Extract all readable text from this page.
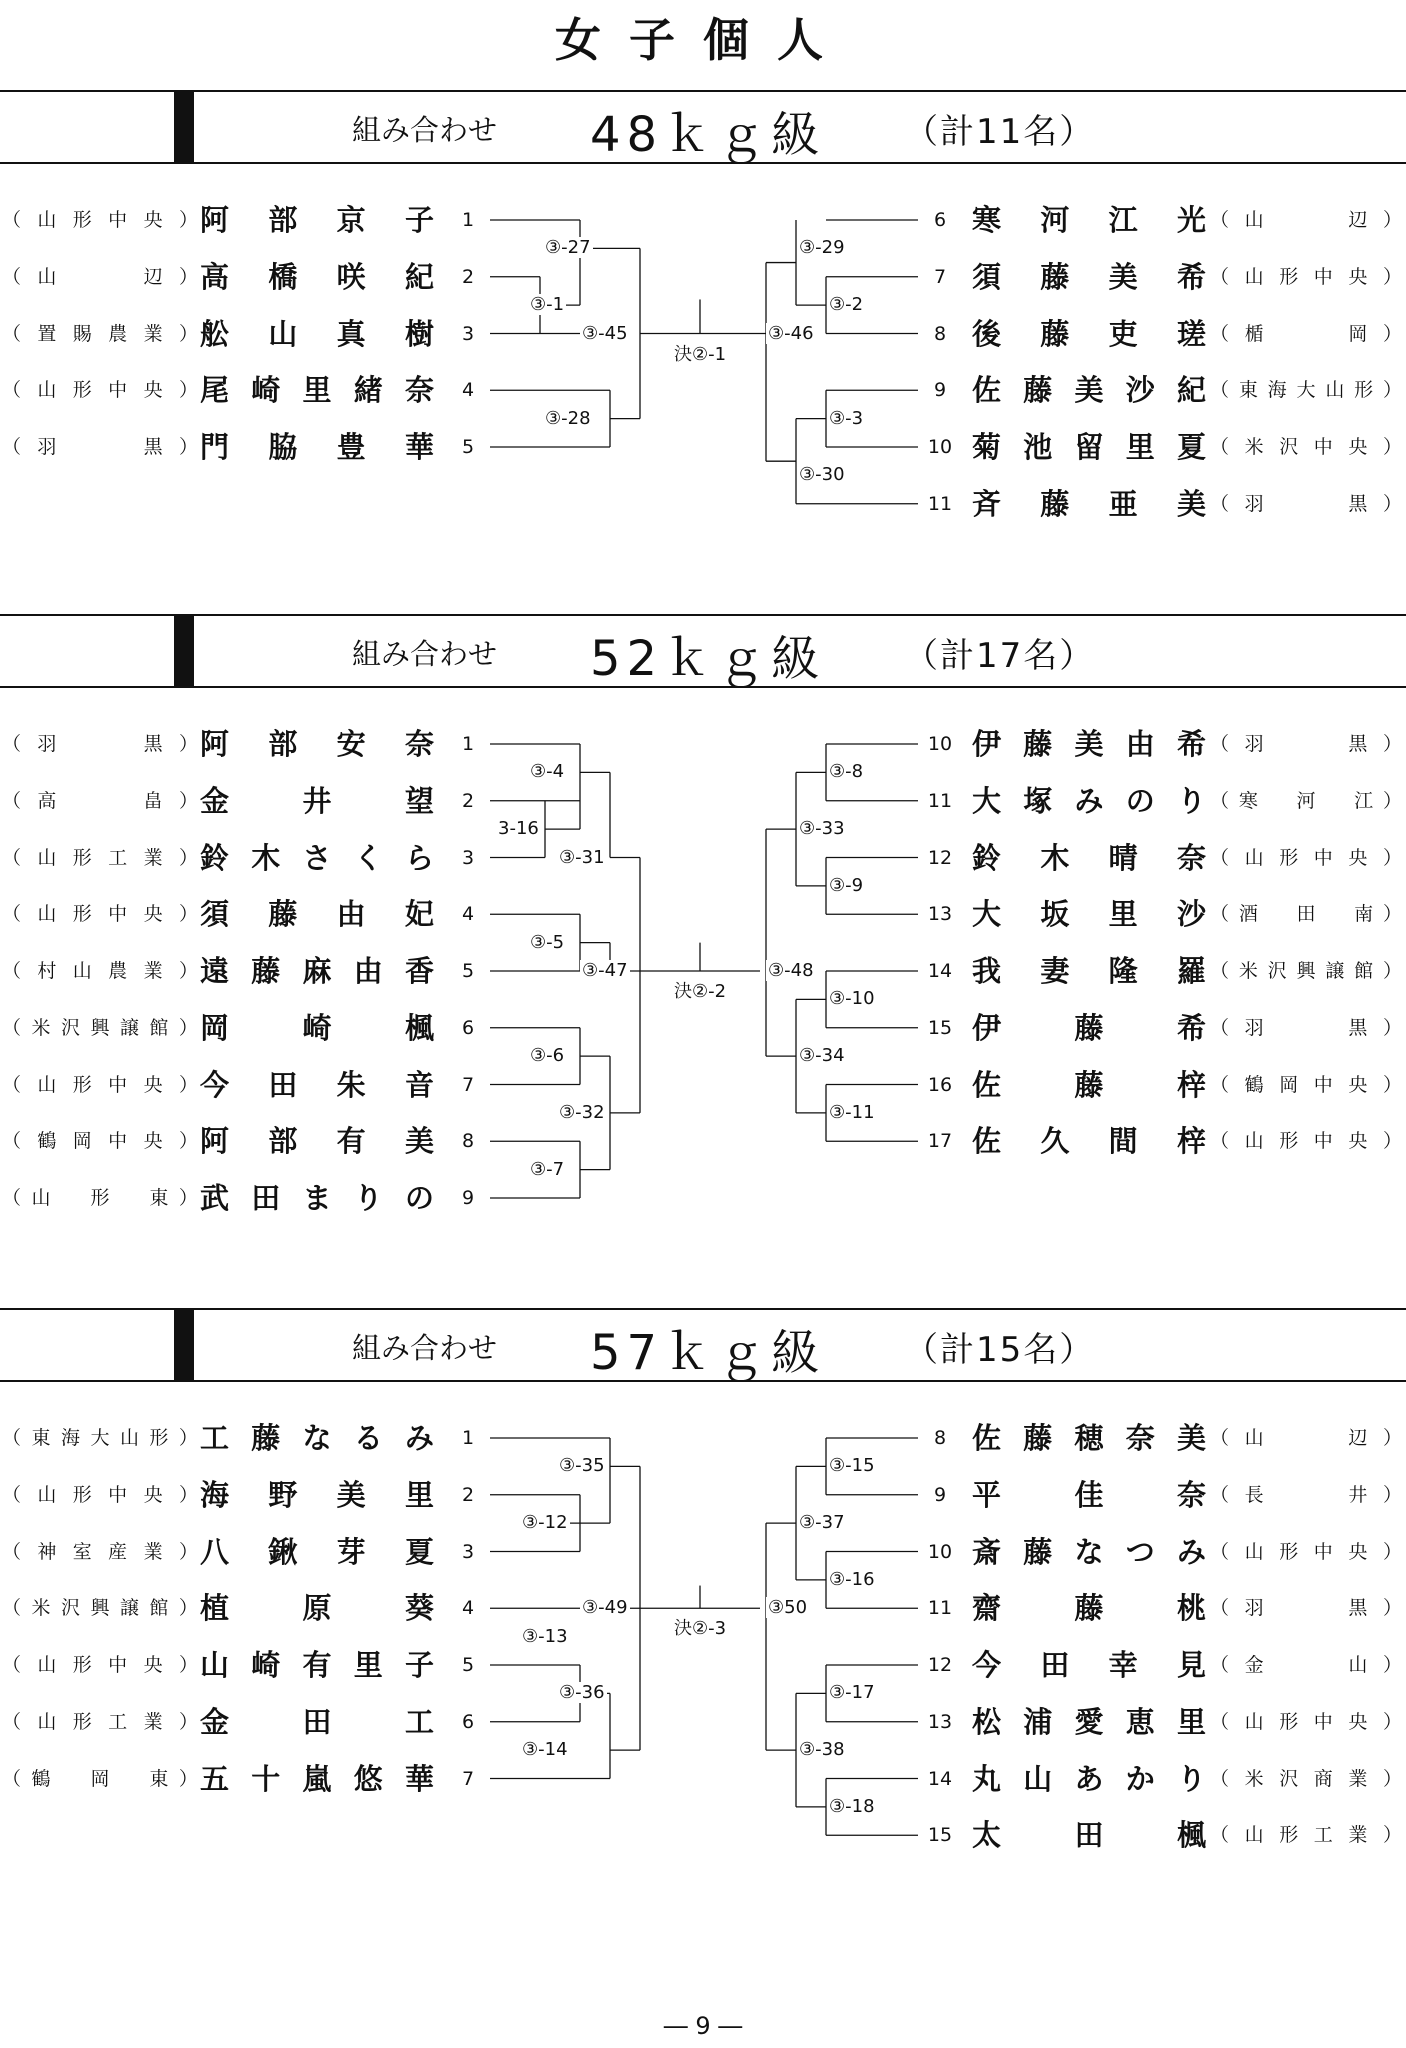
女子個人
組み合わせ 48ｋｇ級 （計11名）
（ 山 形 中 央 ） 阿 部 京 子	1
（ 山

　	辺 ） 高 橋 咲 紀	2
（ 置 賜 農 業 ） 舩 山 真 樹	3
（ 山 形 中 央 ） 尾 崎 里 緒 奈	4
（ 羽

　	黒 ） 門 脇 豊 華	5
6 寒 河 江 光 （ 山

　	辺 ）
7 須 藤 美 希 （ 山 形 中 央 ）
8 後 藤 吏 瑳 （ 楯

　	岡 ）
9 佐 藤 美 沙 紀 （ 東 海 大 山 形 ）
10 菊 池 留 里 夏 （ 米 沢 中 央 ）
11 斉 藤 亜 美 （ 羽

　	黒 ）
③-27
③-1
③-45
③-28
③-29
③-2
③-46
③-3
③-30
決②-1
組み合わせ 52ｋｇ級 （計17名）
（ 羽

　	黒 ） 阿 部 安 奈	1
（ 高

　	畠 ） 金	井	望	2
（ 山 形 工 業 ） 鈴 木 さ く ら	3
（ 山 形 中 央 ） 須 藤 由 妃	4
（ 村 山 農 業 ） 遠 藤 麻 由 香	5
（ 米 沢 興 譲 館 ） 岡	崎	楓	6
（ 山 形 中 央 ） 今 田 朱 音	7
（ 鶴 岡 中 央 ） 阿 部 有 美	8
（ 山
　 形
　 東 ） 武 田 ま り の	9
10 伊 藤 美 由 希 （ 羽

　	黒 ）
11 大 塚 み の り （ 寒
　 河
　 江 ）
12 鈴 木 晴 奈 （ 山 形 中 央 ）
13 大 坂 里 沙 （ 酒
　 田
　 南 ）
14 我 妻 隆 羅 （ 米 沢 興 譲 館 ）
15 伊	藤	希 （ 羽

　	黒 ）
16 佐	藤	梓 （ 鶴 岡 中 央 ）
17 佐 久 間 梓 （ 山 形 中 央 ）
③-4
3-16
③-31
③-5
③-47
③-6
③-32
③-7
③-8
③-33
③-9
③-48
③-10
③-34
③-11
決②-2
組み合わせ 57ｋｇ級 （計15名）
（ 東 海 大 山 形 ） 工 藤 な る み	1
（ 山 形 中 央 ） 海 野 美 里	2
（ 神 室 産 業 ） 八 鍬 芽 夏	3
（ 米 沢 興 譲 館 ） 植	原	葵	4
（ 山 形 中 央 ） 山 崎 有 里 子	5
（ 山 形 工 業 ） 金	田	工	6
（ 鶴
　 岡
　 東 ） 五 十 嵐 悠 華	7
8 佐 藤 穂 奈 美 （ 山

　	辺 ）
9 平	佳	奈 （ 長

　	井 ）
10 斎 藤 な つ み （ 山 形 中 央 ）
11 齋	藤	桃 （ 羽

　	黒 ）
12 今 田 幸 見 （ 金

　	山 ）
13 松 浦 愛 恵 里 （ 山 形 中 央 ）
14 丸 山 あ か り （ 米 沢 商 業 ）
15 太	田	楓 （ 山 形 工 業 ）
③-35
③-12
③-49
③-13
③-36
③-14
③-15
③-37
③-16
③50
③-17
③-38
③-18
決②-3
― 9 ―
